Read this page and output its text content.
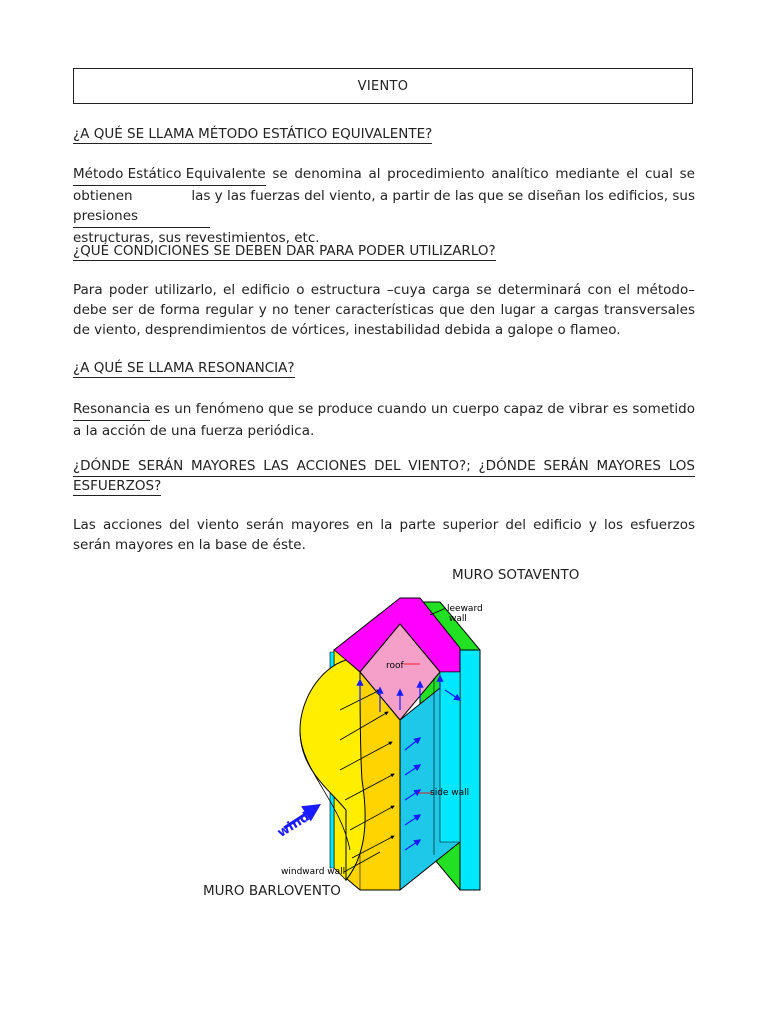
VIENTO
¿A QUÉ SE LLAMA MÉTODO ESTÁTICO EQUIVALENTE?
Método Estático Equivalente se denomina al procedimiento analítico mediante el cual se
obtienen las presiones
y las fuerzas del viento, a partir de las que se diseñan los edificios, sus
estructuras, sus revestimientos, etc.
¿QUÉ CONDICIONES SE DEBEN DAR PARA PODER UTILIZARLO?
Para poder utilizarlo, el edificio o estructura –cuya carga se determinará con el método– debe ser de forma regular y no tener características que den lugar a cargas transversales de viento, desprendimientos de vórtices, inestabilidad debida a galope o flameo.
¿A QUÉ SE LLAMA RESONANCIA?
Resonancia es un fenómeno que se produce cuando un cuerpo capaz de vibrar es sometido
a la acción de una fuerza periódica.
¿DÓNDE SERÁN MAYORES LAS ACCIONES DEL VIENTO?; ¿DÓNDE SERÁN MAYORES LOS
ESFUERZOS?
Las acciones del viento serán mayores en la parte superior del edificio y los esfuerzos serán mayores en la base de éste.
MURO SOTAVENTO
MURO BARLOVENTO
leeward
wall
roof
side wall
windward wall
wind
